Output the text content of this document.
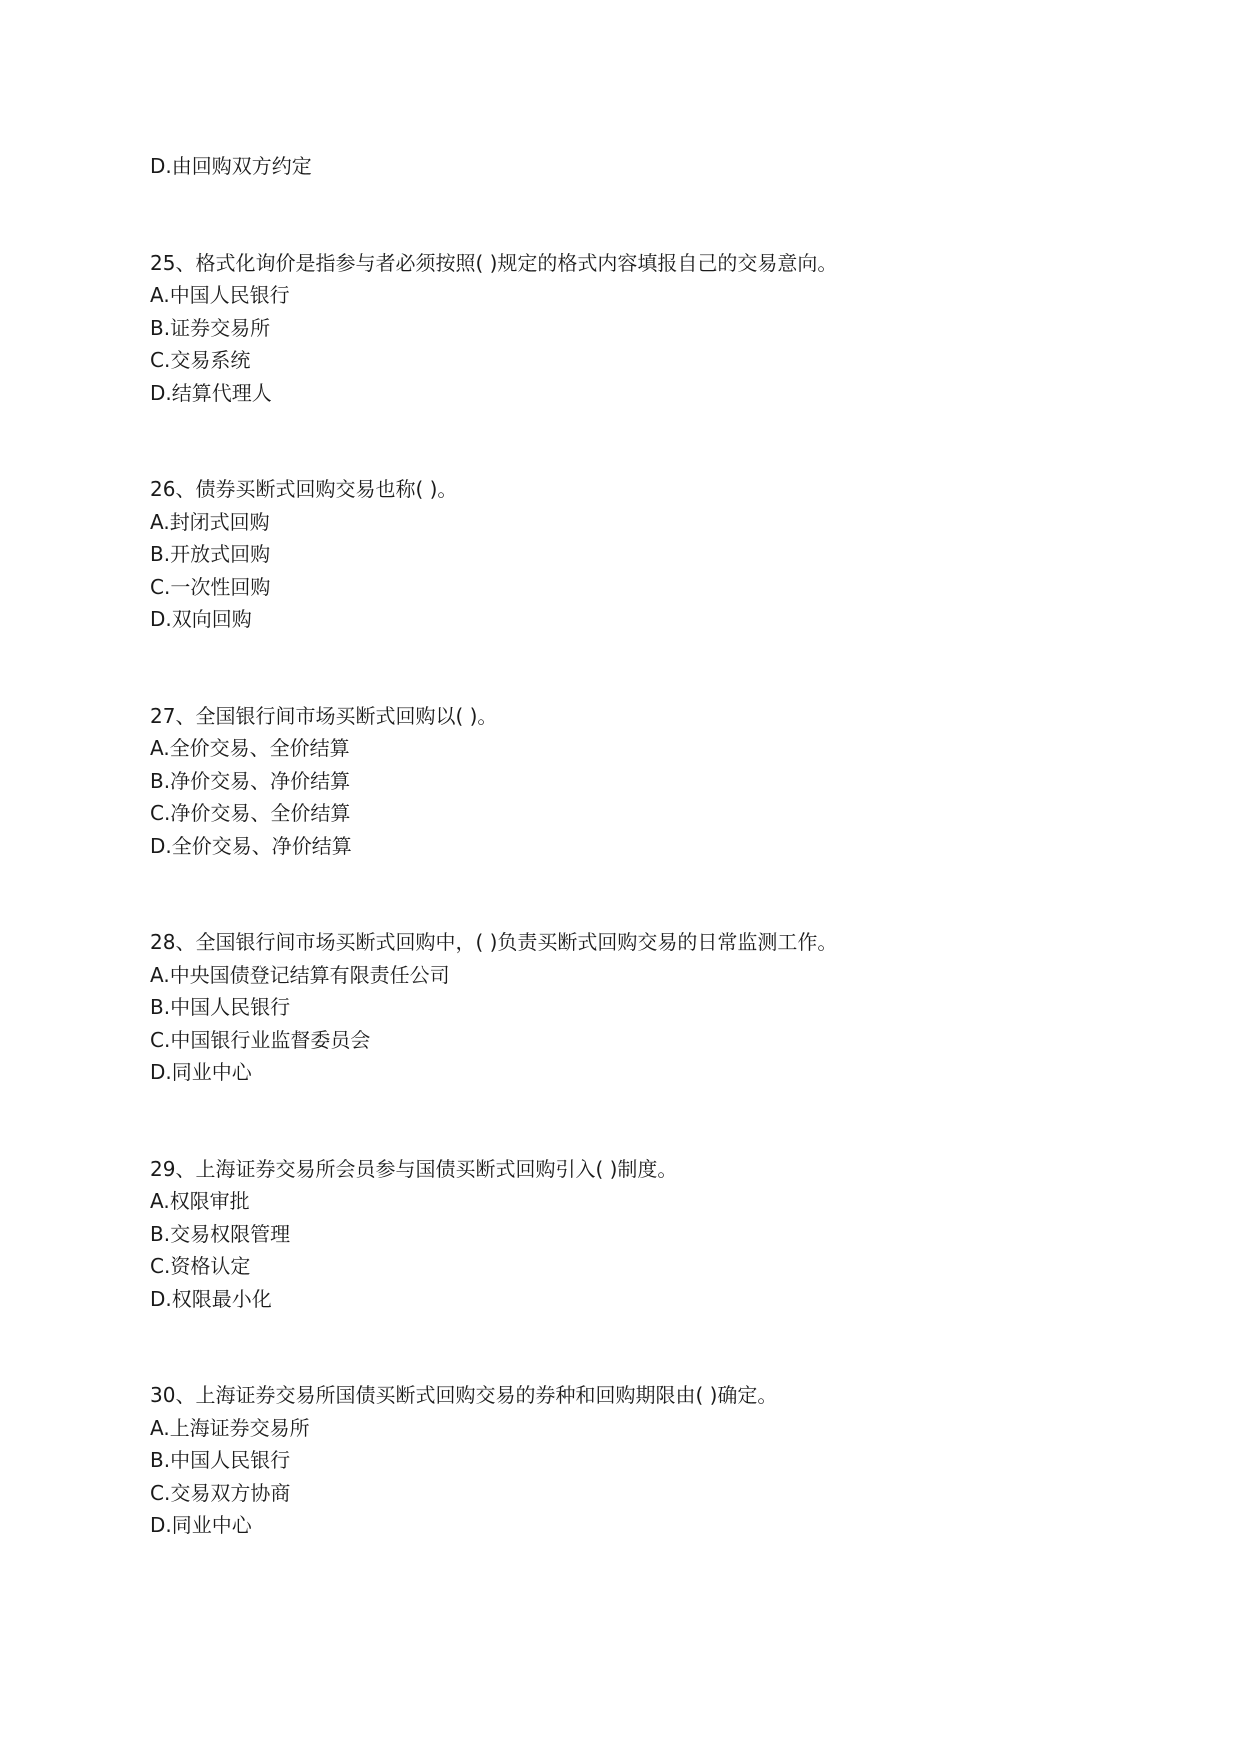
D.由回购双方约定
25、格式化询价是指参与者必须按照( )规定的格式内容填报自己的交易意向。
A.中国人民银行
B.证券交易所
C.交易系统
D.结算代理人
26、债券买断式回购交易也称( )。
A.封闭式回购
B.开放式回购
C.一次性回购
D.双向回购
27、全国银行间市场买断式回购以( )。
A.全价交易、全价结算
B.净价交易、净价结算
C.净价交易、全价结算
D.全价交易、净价结算
28、全国银行间市场买断式回购中，( )负责买断式回购交易的日常监测工作。
A.中央国债登记结算有限责任公司
B.中国人民银行
C.中国银行业监督委员会
D.同业中心
29、上海证券交易所会员参与国债买断式回购引入( )制度。
A.权限审批
B.交易权限管理
C.资格认定
D.权限最小化
30、上海证券交易所国债买断式回购交易的券种和回购期限由( )确定。
A.上海证券交易所
B.中国人民银行
C.交易双方协商
D.同业中心
